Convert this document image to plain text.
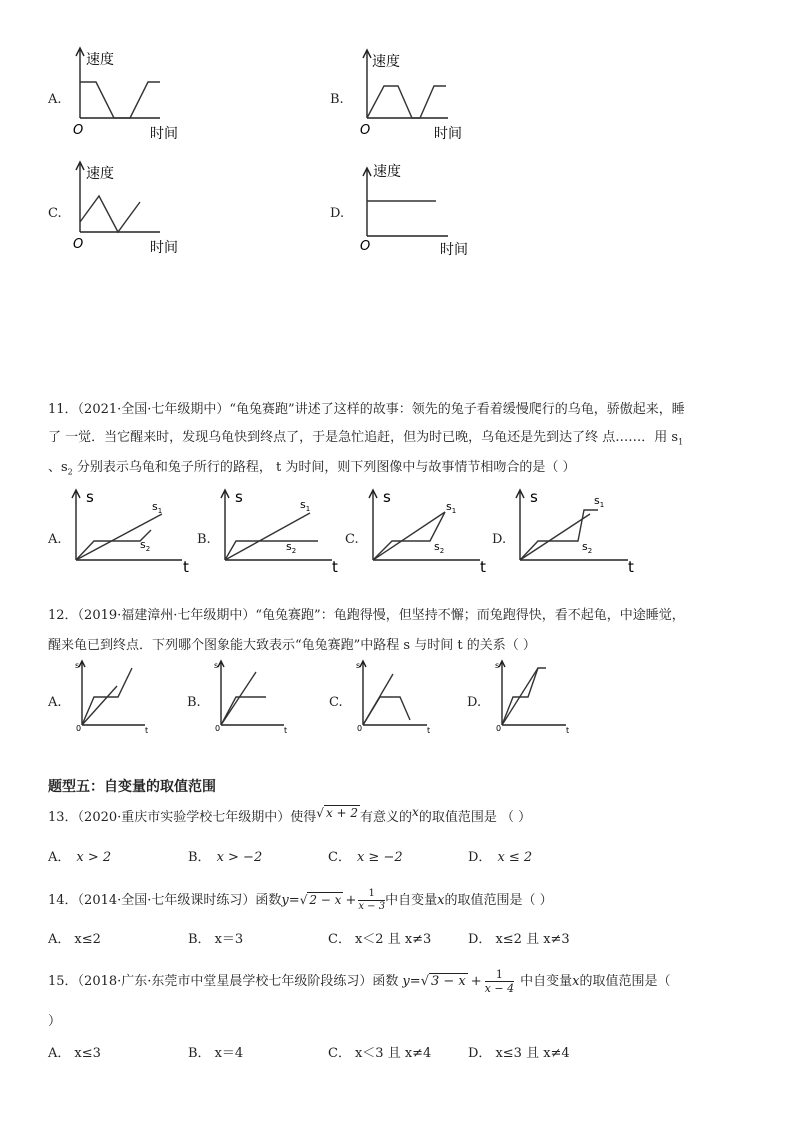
A.
速度
时间
O
B.
速度
时间
O
C.
速度
时间
O
D.
速度
时间
O
11．（2021·全国·七年级期中）“龟兔赛跑”讲述了这样的故事：领先的兔子看着缓慢爬行的乌龟，骄傲起来，睡
了 一觉．当它醒来时，发现乌龟快到终点了，于是急忙追赶，但为时已晚，乌龟还是先到达了终 点……．用 $s_1$
、$s_2$ 分别表示乌龟和兔子所行的路程， t 为时间，则下列图像中与故事情节相吻合的是（ ）
A.
s
t
$s_1$
$s_2$
B.
s
t
$s_1$
$s_2$
C.
s
t
$s_1$
$s_2$
D.
s
t
$s_1$
$s_2$
12．（2019·福建漳州·七年级期中）“龟兔赛跑”：龟跑得慢，但坚持不懈；而兔跑得快，看不起龟，中途睡觉，
醒来龟已到终点．下列哪个图象能大致表示“龟兔赛跑”中路程 s 与时间 t 的关系（ ）
A.
s
t
0
B.
s
t
0
C.
s
t
0
D.
s
t
0
题型五：自变量的取值范围
13．（2020·重庆市实验学校七年级期中）使得√ x + 2 有意义的x的取值范围是 （ ）
A． x > 2	B． x > −2	C． x ≥ −2	D． x ≤ 2
14．（2014·全国·七年级课时练习）函数y=√ $2 - x + \frac{1}{x - 3}$ 中自变量x的取值范围是（ ）
A． x≤2	B． x＝3	C． x＜2 且 x≠3	D． x≤2 且 x≠3
15．（2018·广东·东莞市中堂星晨学校七年级阶段练习）函数 y=√ $3 - x + \frac{1}{x - 4}$ 中自变量x的取值范围是（
）
A． x≤3	B． x＝4	C． x＜3 且 x≠4	D． x≤3 且 x≠4
